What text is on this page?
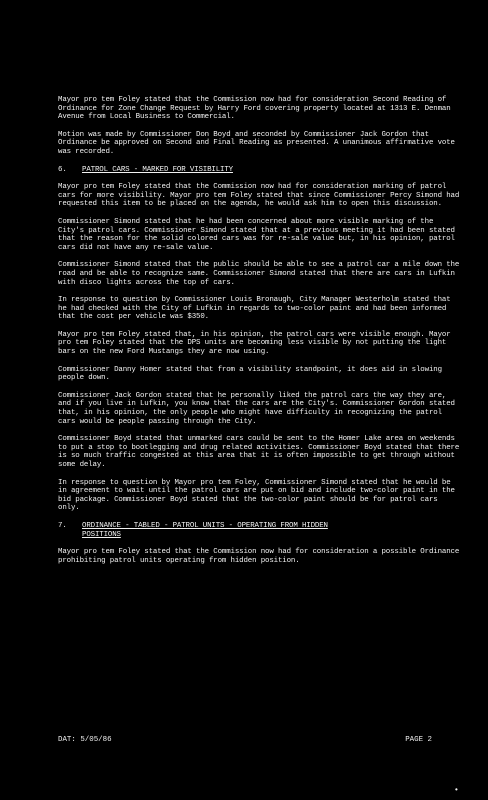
Mayor pro tem Foley stated that the Commission now had for consideration Second Reading of Ordinance for Zone Change Request by Harry Ford covering property located at 1313 E. Denman Avenue from Local Business to Commercial.

Motion was made by Commissioner Don Boyd and seconded by Commissioner Jack Gordon that Ordinance be approved on Second and Final Reading as presented. A unanimous affirmative vote was recorded.

6.	PATROL CARS - MARKED FOR VISIBILITY

Mayor pro tem Foley stated that the Commission now had for consideration marking of patrol cars for more visibility. Mayor pro tem Foley stated that since Commissioner Percy Simond had requested this item to be placed on the agenda, he would ask him to open this discussion.

Commissioner Simond stated that he had been concerned about more visible marking of the City's patrol cars. Commissioner Simond stated that at a previous meeting it had been stated that the reason for the solid colored cars was for re-sale value but, in his opinion, patrol cars did not have any re-sale value.

Commissioner Simond stated that the public should be able to see a patrol car a mile down the road and be able to recognize same. Commissioner Simond stated that there are cars in Lufkin with disco lights across the top of cars.

In response to question by Commissioner Louis Bronaugh, City Manager Westerholm stated that he had checked with the City of Lufkin in regards to two-color paint and had been informed that the cost per vehicle was $350.

Mayor pro tem Foley stated that, in his opinion, the patrol cars were visible enough. Mayor pro tem Foley stated that the DPS units are becoming less visible by not putting the light bars on the new Ford Mustangs they are now using.

Commissioner Danny Homer stated that from a visibility standpoint, it does aid in slowing people down.

Commissioner Jack Gordon stated that he personally liked the patrol cars the way they are, and if you live in Lufkin, you know that the cars are the City's. Commissioner Gordon stated that, in his opinion, the only people who might have difficulty in recognizing the patrol cars would be people passing through the City.

Commissioner Boyd stated that unmarked cars could be sent to the Homer Lake area on weekends to put a stop to bootlegging and drug related activities. Commissioner Boyd stated that there is so much traffic congested at this area that it is often impossible to get through without some delay.

In response to question by Mayor pro tem Foley, Commissioner Simond stated that he would be in agreement to wait until the patrol cars are put on bid and include two-color paint in the bid package. Commissioner Boyd stated that the two-color paint should be for patrol cars only.

7.	ORDINANCE - TABLED - PATROL UNITS - OPERATING FROM HIDDEN
POSITIONS

Mayor pro tem Foley stated that the Commission now had for consideration a possible Ordinance prohibiting patrol units operating from hidden position.

DAT: 5/05/86	PAGE 2
•
